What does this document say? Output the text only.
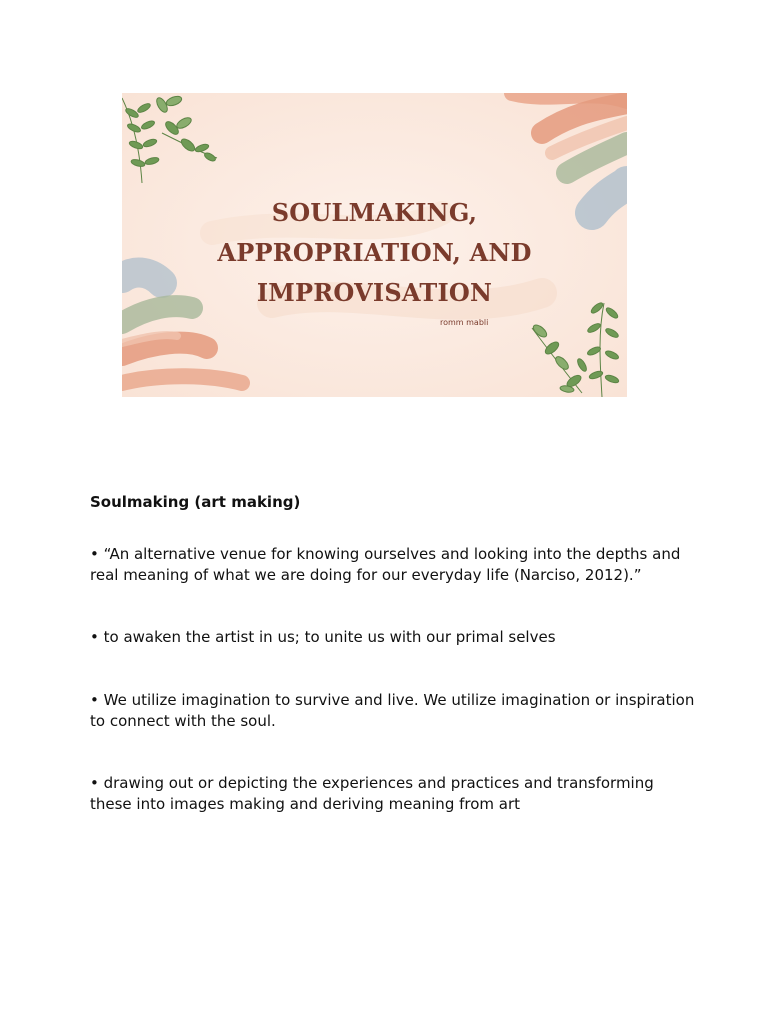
SOULMAKING,
APPROPRIATION, AND
IMPROVISATION
romm mabli
Soulmaking (art making)

• “An alternative venue for knowing ourselves and looking into the depths and real meaning of what we are doing for our everyday life (Narciso, 2012).”

• to awaken the artist in us; to unite us with our primal selves

• We utilize imagination to survive and live. We utilize imagination or inspiration to connect with the soul.

• drawing out or depicting the experiences and practices and transforming these into images making and deriving meaning from art
